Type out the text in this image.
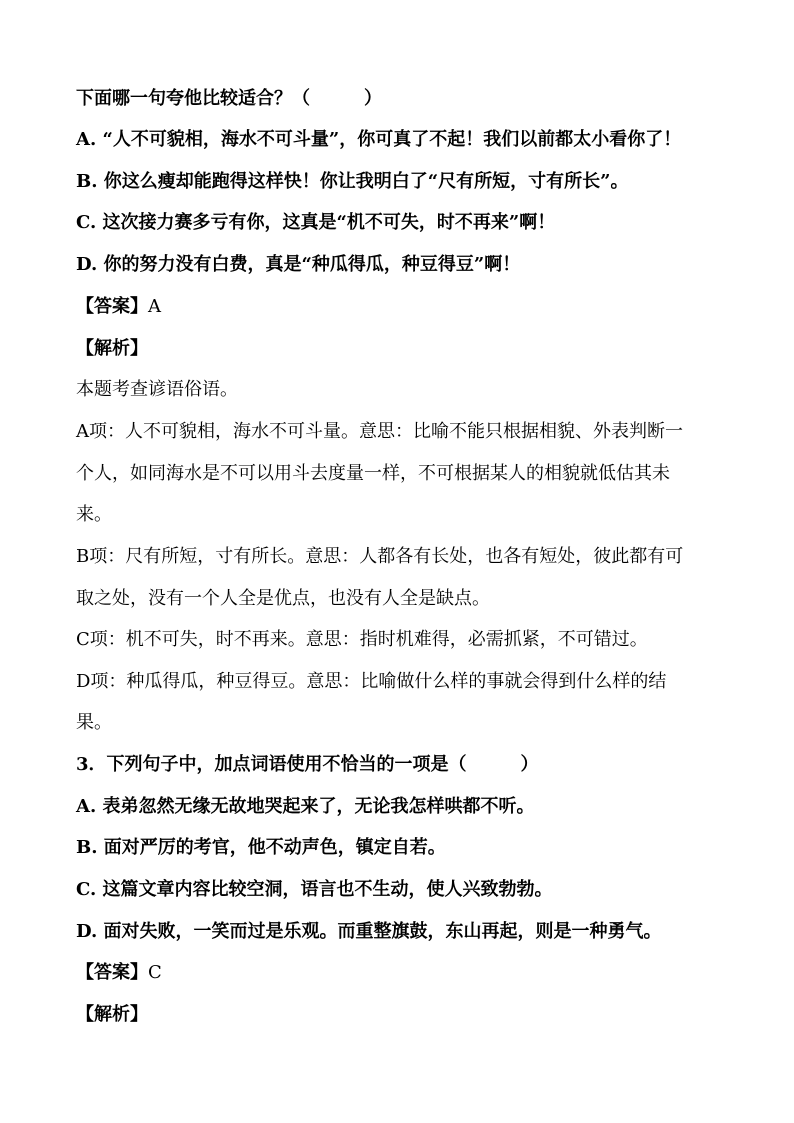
下面哪一句夸他比较适合？（　　　）
A. “人不可貌相，海水不可斗量”，你可真了不起！我们以前都太小看你了！
B. 你这么瘦却能跑得这样快！你让我明白了“尺有所短，寸有所长”。
C. 这次接力赛多亏有你，这真是“机不可失，时不再来”啊！
D. 你的努力没有白费，真是“种瓜得瓜，种豆得豆”啊！
【答案】A
【解析】
本题考查谚语俗语。
A项：人不可貌相，海水不可斗量。意思：比喻不能只根据相貌、外表判断一
个人，如同海水是不可以用斗去度量一样，不可根据某人的相貌就低估其未
来。
B项：尺有所短，寸有所长。意思：人都各有长处，也各有短处，彼此都有可
取之处，没有一个人全是优点，也没有人全是缺点。
C项：机不可失，时不再来。意思：指时机难得，必需抓紧，不可错过。
D项：种瓜得瓜，种豆得豆。意思：比喻做什么样的事就会得到什么样的结
果。
3．下列句子中，加点词语使用不恰当的一项是（　　　）
A. 表弟忽然无缘无故地哭起来了，无论我怎样哄都不听。
B. 面对严厉的考官，他不动声色，镇定自若。
C. 这篇文章内容比较空洞，语言也不生动，使人兴致勃勃。
D. 面对失败，一笑而过是乐观。而重整旗鼓，东山再起，则是一种勇气。
【答案】C
【解析】
